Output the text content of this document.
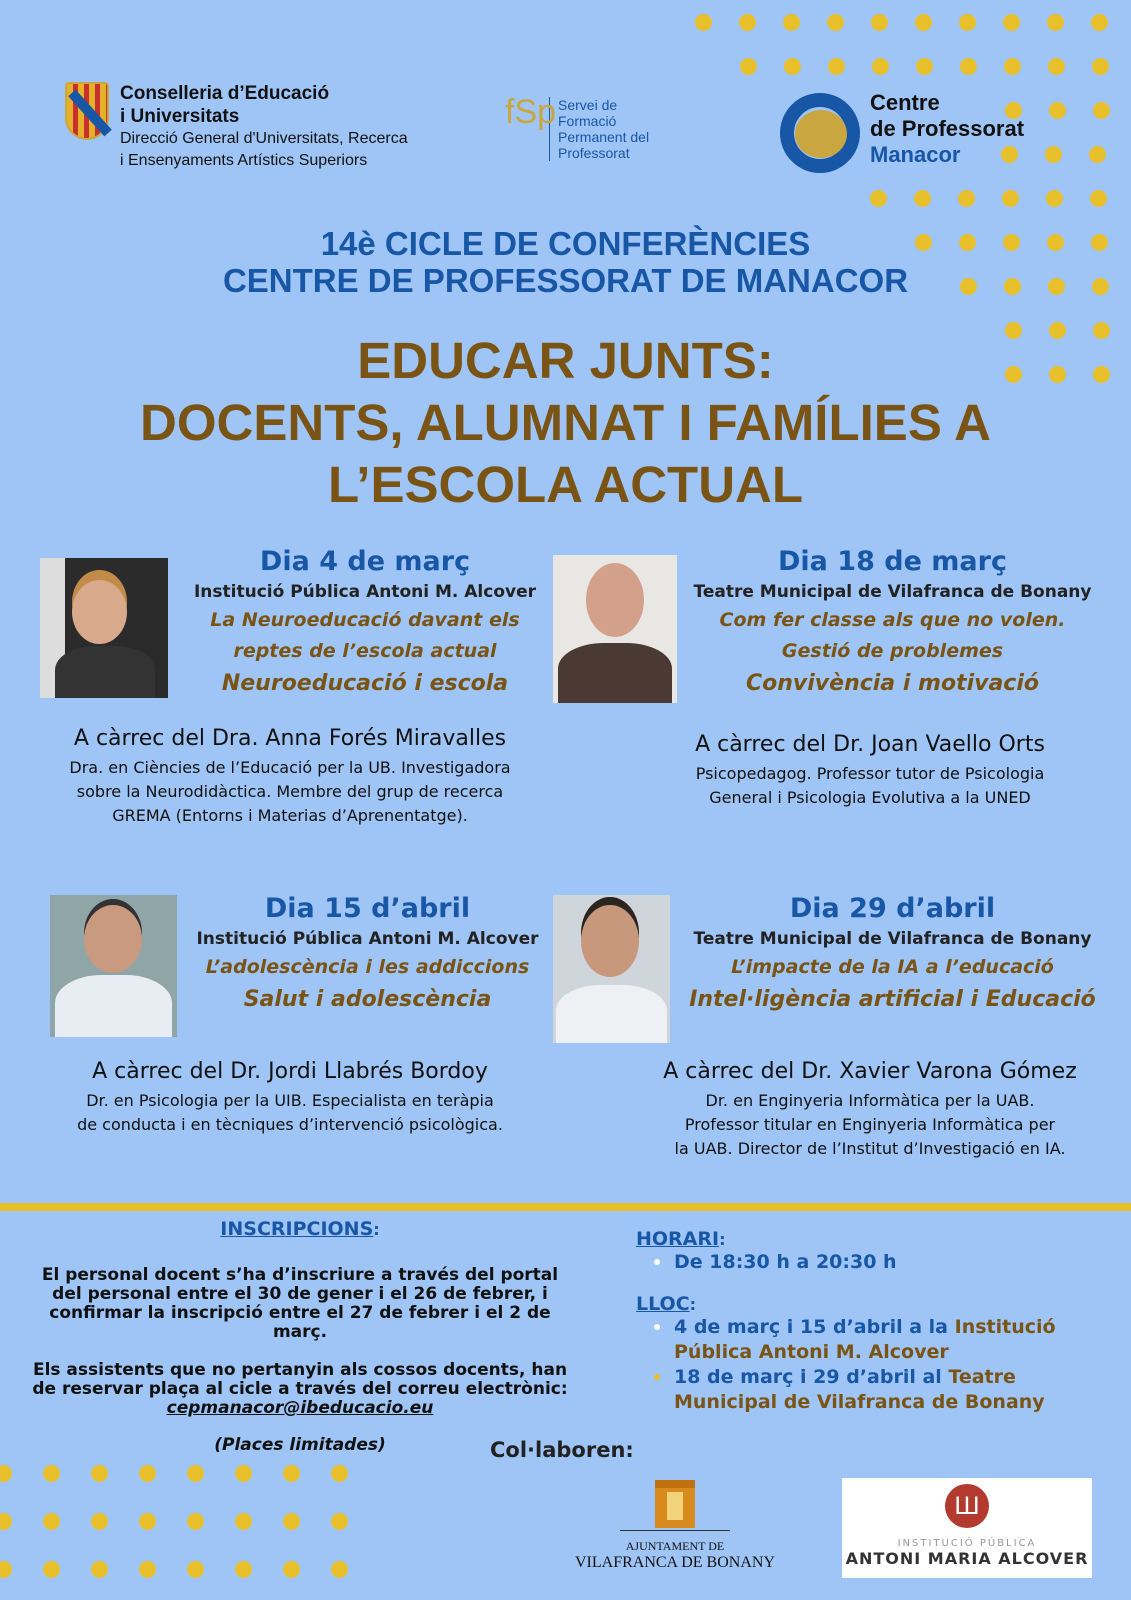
Conselleria d’Educació
i Universitats
Direcció General d'Universitats, Recerca
i Ensenyaments Artístics Superiors
fSp Servei de
Formació
Permanent del
Professorat
Centre
de Professorat
Manacor
14è CICLE DE CONFERÈNCIES
CENTRE DE PROFESSORAT DE MANACOR
EDUCAR JUNTS:
DOCENTS, ALUMNAT I FAMÍLIES A
L’ESCOLA ACTUAL
Dia 4 de març
Institució Pública Antoni M. Alcover
La Neuroeducació davant els
reptes de l’escola actual
Neuroeducació i escola
A càrrec del Dra. Anna Forés Miravalles
Dra. en Ciències de l’Educació per la UB. Investigadora
sobre la Neurodidàctica. Membre del grup de recerca
GREMA (Entorns i Materias d’Aprenentatge).
Dia 18 de març
Teatre Municipal de Vilafranca de Bonany
Com fer classe als que no volen.
Gestió de problemes
Convivència i motivació
A càrrec del Dr. Joan Vaello Orts
Psicopedagog. Professor tutor de Psicologia
General i Psicologia Evolutiva a la UNED
Dia 15 d’abril
Institució Pública Antoni M. Alcover
L’adolescència i les addiccions
Salut i adolescència
A càrrec del Dr. Jordi Llabrés Bordoy
Dr. en Psicologia per la UIB. Especialista en teràpia
de conducta i en tècniques d’intervenció psicològica.
Dia 29 d’abril
Teatre Municipal de Vilafranca de Bonany
L’impacte de la IA a l’educació
Intel·ligència artificial i Educació
A càrrec del Dr. Xavier Varona Gómez
Dr. en Enginyeria Informàtica per la UAB.
Professor titular en Enginyeria Informàtica per
la UAB. Director de l’Institut d’Investigació en IA.
INSCRIPCIONS:
El personal docent s’ha d’inscriure a través del portal
del personal entre el 30 de gener i el 26 de febrer, i
confirmar la inscripció entre el 27 de febrer i el 2 de
març.
Els assistents que no pertanyin als cossos docents, han
de reservar plaça al cicle a través del correu electrònic:
cepmanacor@ibeducacio.eu
(Places limitades)
HORARI:
De 18:30 h a 20:30 h
LLOC:
4 de març i 15 d’abril a la Institució Pública Antoni M. Alcover
18 de març i 29 d’abril al Teatre Municipal de Vilafranca de Bonany
Col·laboren:
AJUNTAMENT DE
VILAFRANCA DE BONANY
Ш
INSTITUCIÓ PÚBLICA
ANTONI MARIA ALCOVER
